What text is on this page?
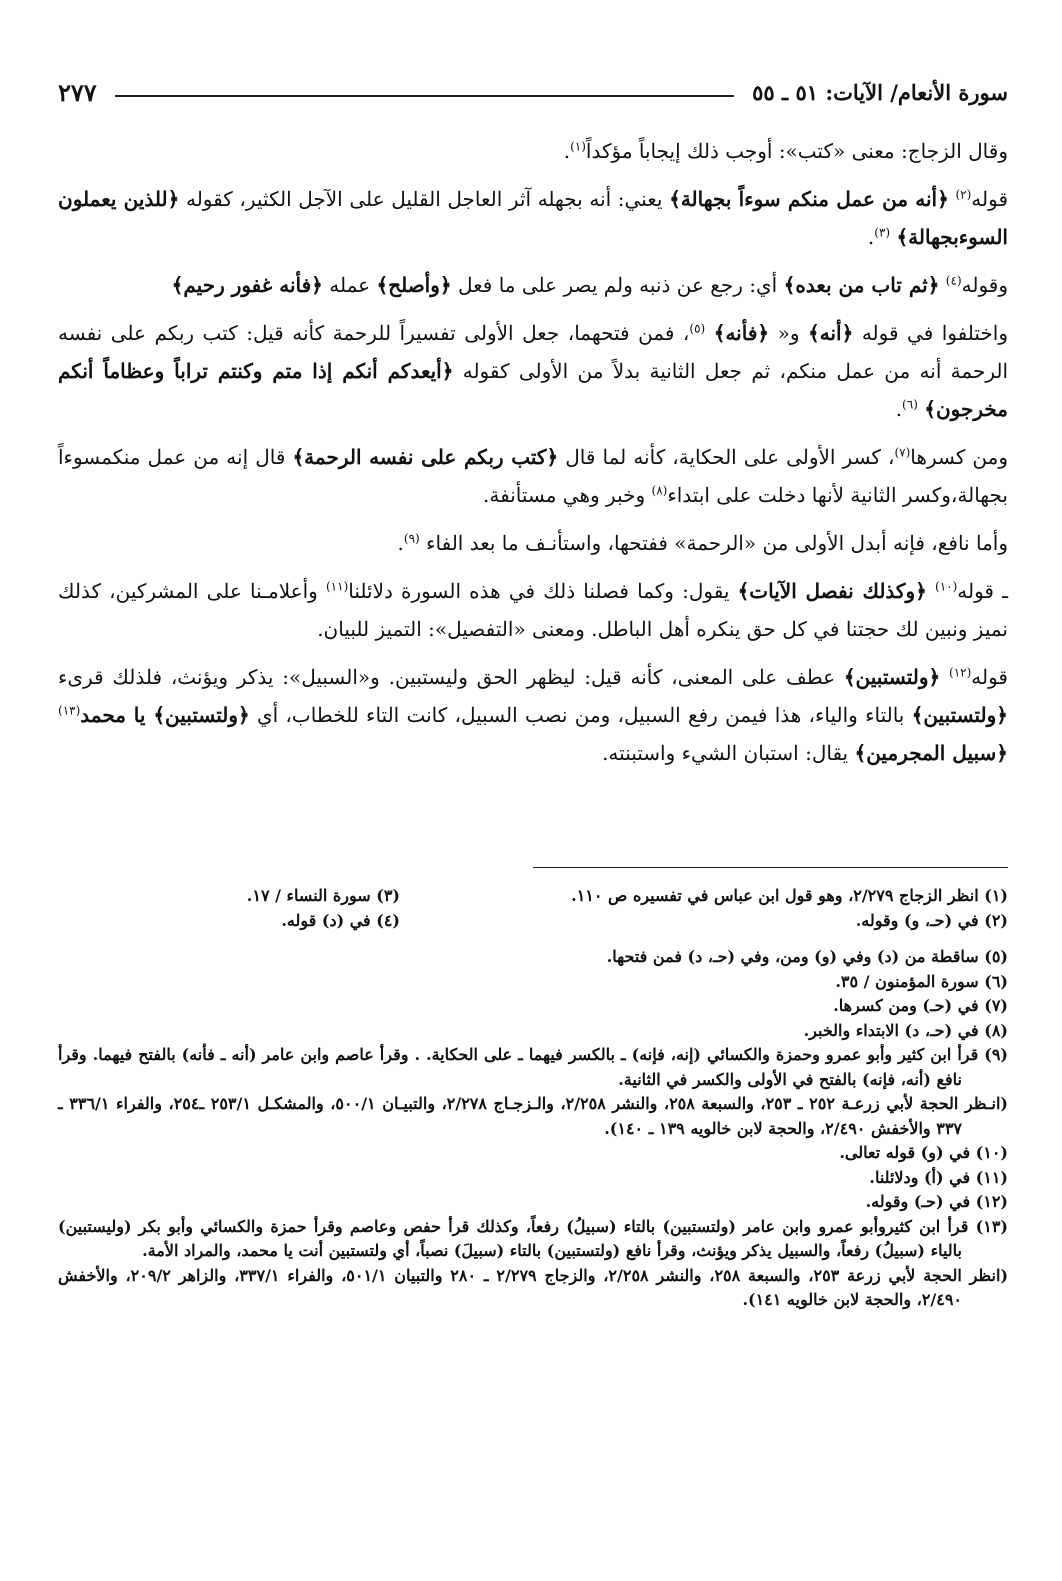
سورة الأنعام/ الآيات: ٥١ ـ ٥٥
٢٧٧

وقال الزجاج: معنى «كتب»: أوجب ذلك إيجاباً مؤكداً$^{(١)}$.

قوله$^{(٢)}$ ﴿أنه من عمل منكم سوءاً بجهالة﴾ يعني: أنه بجهله آثر العاجل القليل على الآجل الكثير، كقوله ﴿للذين يعملون السوءبجهالة﴾ $^{(٣)}$.

وقوله$^{(٤)}$ ﴿ثم تاب من بعده﴾ أي: رجع عن ذنبه ولم يصر على ما فعل ﴿وأصلح﴾ عمله ﴿فأنه غفور رحيم﴾

واختلفوا في قوله ﴿أنه﴾ و« ﴿فأنه﴾ $^{(٥)}$، فمن فتحهما، جعل الأولى تفسيراً للرحمة كأنه قيل: كتب ربكم على نفسه الرحمة أنه من عمل منكم، ثم جعل الثانية بدلاً من الأولى كقوله ﴿أيعدكم أنكم إذا متم وكنتم تراباً وعظاماً أنكم مخرجون﴾ $^{(٦)}$.

ومن كسرها$^{(٧)}$، كسر الأولى على الحكاية، كأنه لما قال ﴿كتب ربكم على نفسه الرحمة﴾ قال إنه من عمل منكمسوءاً بجهالة،وكسر الثانية لأنها دخلت على ابتداء$^{(٨)}$ وخبر وهي مستأنفة.

وأما نافع، فإنه أبدل الأولى من «الرحمة» ففتحها، واستأنـف ما بعد الفاء $^{(٩)}$.

ـ قوله$^{(١٠)}$ ﴿وكذلك نفصل الآيات﴾ يقول: وكما فصلنا ذلك في هذه السورة دلائلنا$^{(١١)}$ وأعلامـنا على المشركين، كذلك نميز ونبين لك حجتنا في كل حق ينكره أهل الباطل. ومعنى «التفصيل»: التميز للبيان.

قوله$^{(١٢)}$ ﴿ولتستبين﴾ عطف على المعنى، كأنه قيل: ليظهر الحق وليستبين. و«السبيل»: يذكر ويؤنث، فلذلك قرىء ﴿ولتستبين﴾ بالتاء والياء، هذا فيمن رفع السبيل، ومن نصب السبيل، كانت التاء للخطاب، أي ﴿ولتستبين﴾ يا محمد$^{(١٣)}$ ﴿سبيل المجرمين﴾ يقال: استبان الشيء واستبنته.

(١) انظر الزجاج ٢/٢٧٩، وهو قول ابن عباس في تفسيره ص ١١٠.
(٣) سورة النساء / ١٧.
(٢) في (حـ، و) وقوله.
(٤) في (د) قوله.

(٥) ساقطة من (د) وفي (و) ومن، وفي (حـ، د) فمن فتحها.

(٦) سورة المؤمنون / ٣٥.

(٧) في (حـ) ومن كسرها.

(٨) في (حـ، د) الابتداء والخبر.

(٩) قرأ ابن كثير وأبو عمرو وحمزة والكسائي (إنه، فإنه) ـ بالكسر فيهما ـ على الحكاية. . وقرأ عاصم وابن عامر (أنه ـ فأنه) بالفتح فيهما. وقرأ نافع (أنه، فإنه) بالفتح في الأولى والكسر في الثانية.

(انـظر الحجة لأبي زرعـة ٢٥٢ ـ ٢٥٣، والسبعة ٢٥٨، والنشر ٢/٢٥٨، والـزجـاج ٢/٢٧٨، والتبيـان ٥٠٠/١، والمشكـل ٢٥٣/١ ـ٢٥٤، والفراء ٣٣٦/١ ـ ٣٣٧ والأخفش ٢/٤٩٠، والحجة لابن خالويه ١٣٩ ـ ١٤٠).

(١٠) في (و) قوله تعالى.

(١١) في (أ) ودلائلنا.

(١٢) في (حـ) وقوله.

(١٣) قرأ ابن كثيروأبو عمرو وابن عامر (ولتستبين) بالتاء (سبيلُ) رفعاً، وكذلك قرأ حفص وعاصم وقرأ حمزة والكسائي وأبو بكر (وليستبين) بالياء (سبيلُ) رفعاً، والسبيل يذكر ويؤنث، وقرأ نافع (ولتستبين) بالتاء (سبيلَ) نصباً، أي ولتستبين أنت يا محمد، والمراد الأمة.

(انظر الحجة لأبي زرعة ٢٥٣، والسبعة ٢٥٨، والنشر ٢/٢٥٨، والزجاج ٢/٢٧٩ ـ ٢٨٠ والتبيان ٥٠١/١، والفراء ٣٣٧/١، والزاهر ٢٠٩/٢، والأخفش ٢/٤٩٠، والحجة لابن خالويه ١٤١).
